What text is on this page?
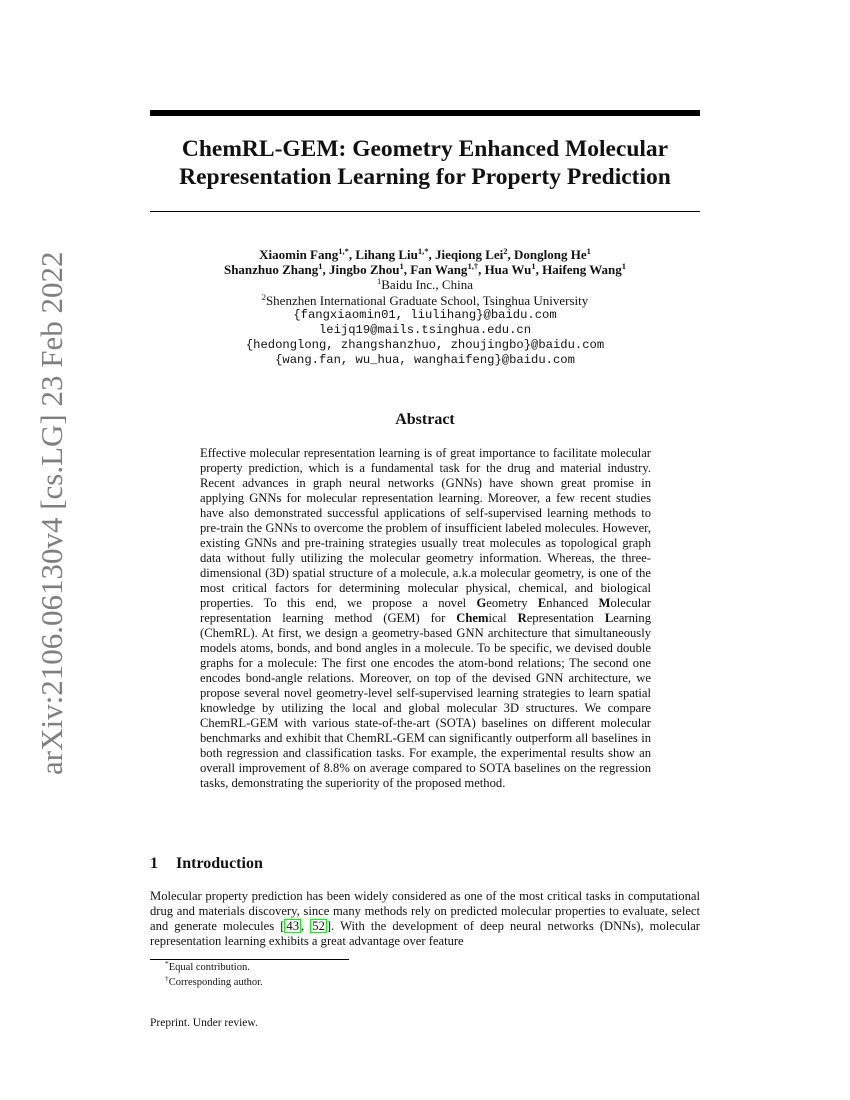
arXiv:2106.06130v4 [cs.LG] 23 Feb 2022
ChemRL-GEM: Geometry Enhanced Molecular
Representation Learning for Property Prediction
Xiaomin Fang$^{1,*}$, Lihang Liu$^{1,*}$, Jieqiong Lei$^2$, Donglong He$^1$
Shanzhuo Zhang$^1$, Jingbo Zhou$^1$, Fan Wang$^{1,\dagger}$, Hua Wu$^1$, Haifeng Wang$^1$
$^1$Baidu Inc., China
$^2$Shenzhen International Graduate School, Tsinghua University
{fangxiaomin01, liulihang}@baidu.com
leijq19@mails.tsinghua.edu.cn
{hedonglong, zhangshanzhuo, zhoujingbo}@baidu.com
{wang.fan, wu_hua, wanghaifeng}@baidu.com
Abstract

Effective molecular representation learning is of great importance to facilitate molecular property prediction, which is a fundamental task for the drug and material industry. Recent advances in graph neural networks (GNNs) have shown great promise in applying GNNs for molecular representation learning. Moreover, a few recent studies have also demonstrated successful applications of self-supervised learning methods to pre-train the GNNs to overcome the problem of insufficient labeled molecules. However, existing GNNs and pre-training strategies usually treat molecules as topological graph data without fully utilizing the molecular geometry information. Whereas, the three-dimensional (3D) spatial structure of a molecule, a.k.a molecular geometry, is one of the most critical factors for determining molecular physical, chemical, and biological properties. To this end, we propose a novel Geometry Enhanced Molecular representation learning method (GEM) for Chemical Representation Learning (ChemRL). At first, we design a geometry-based GNN architecture that simultaneously models atoms, bonds, and bond angles in a molecule. To be specific, we devised double graphs for a molecule: The first one encodes the atom-bond relations; The second one encodes bond-angle relations. Moreover, on top of the devised GNN architecture, we propose several novel geometry-level self-supervised learning strategies to learn spatial knowledge by utilizing the local and global molecular 3D structures. We compare ChemRL-GEM with various state-of-the-art (SOTA) baselines on different molecular benchmarks and exhibit that ChemRL-GEM can significantly outperform all baselines in both regression and classification tasks. For example, the experimental results show an overall improvement of 8.8% on average compared to SOTA baselines on the regression tasks, demonstrating the superiority of the proposed method.

1 Introduction

Molecular property prediction has been widely considered as one of the most critical tasks in computational drug and materials discovery, since many methods rely on predicted molecular properties to evaluate, select and generate molecules [ 43 , 52 ]. With the development of deep neural networks (DNNs), molecular representation learning exhibits a great advantage over feature

*Equal contribution.

†Corresponding author.

Preprint. Under review.
